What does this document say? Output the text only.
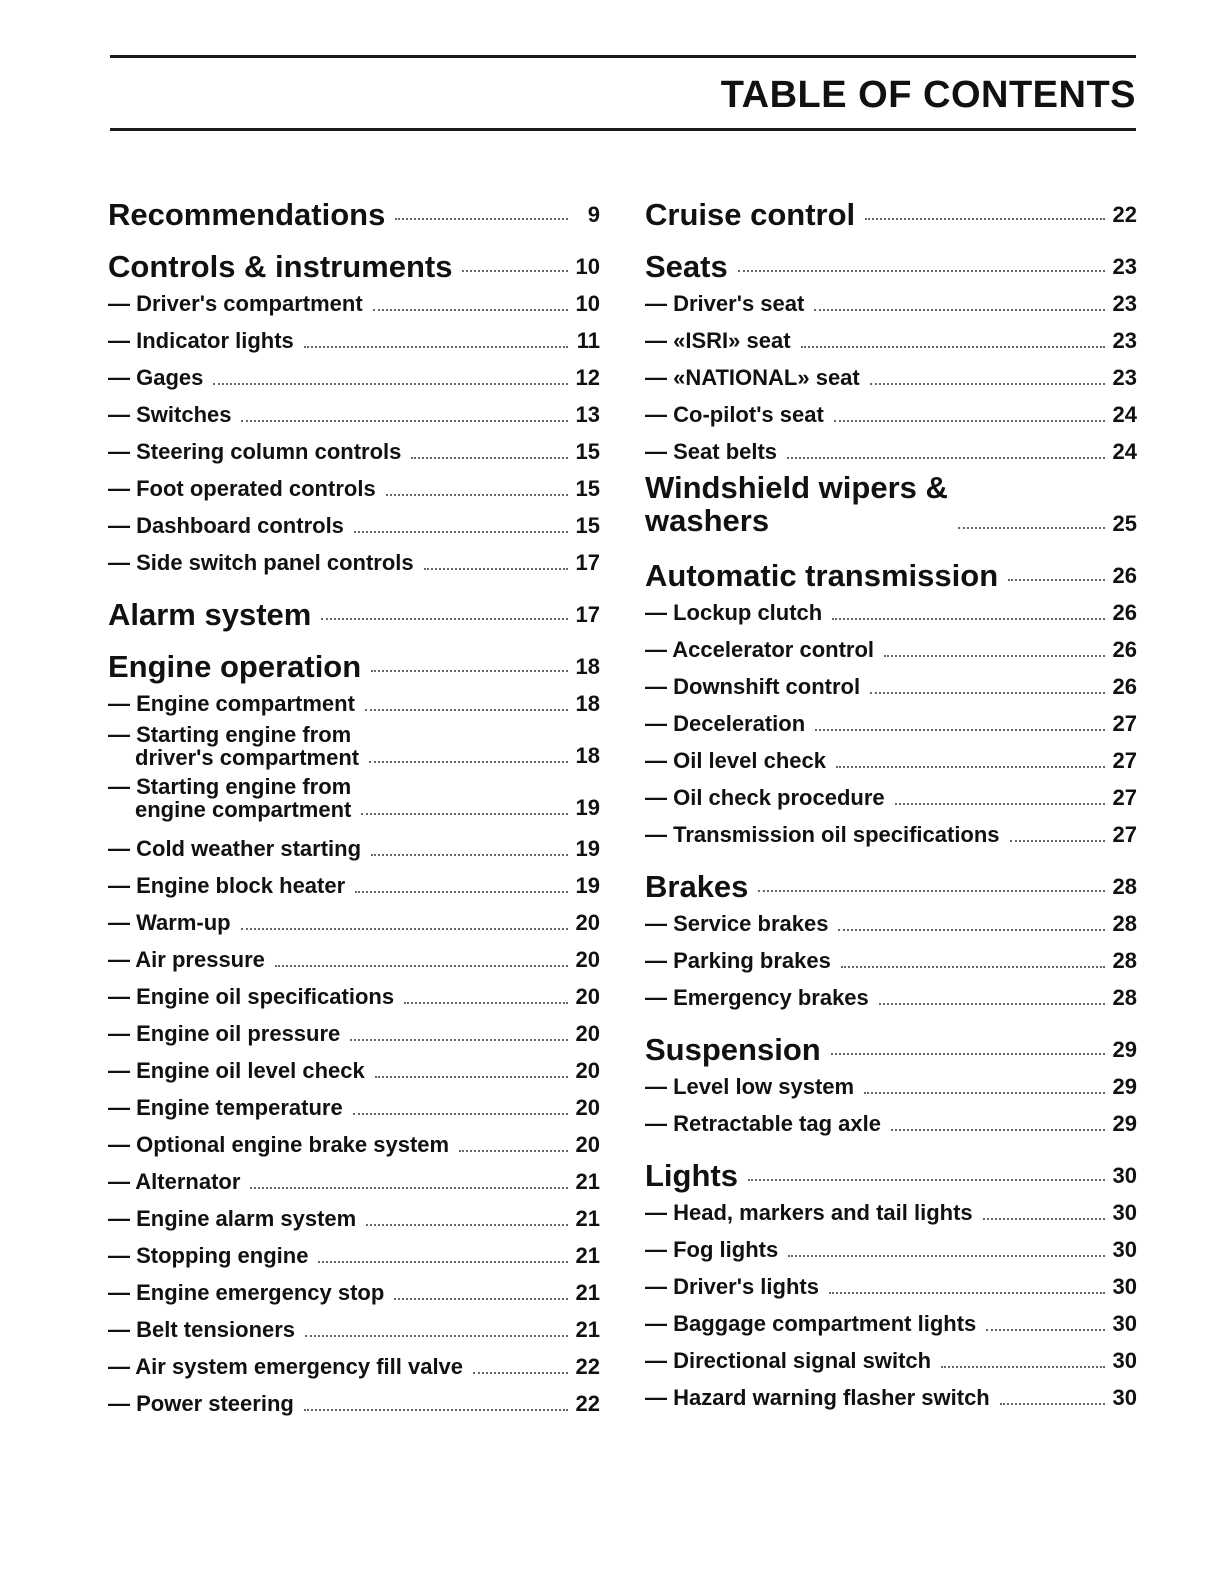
TABLE OF CONTENTS
Recommendations	9
Controls & instruments	10
— Driver's compartment	10
— Indicator lights	11
— Gages	12
— Switches	13
— Steering column controls	15
— Foot operated controls	15
— Dashboard controls	15
— Side switch panel controls	17
Alarm system	17
Engine operation	18
— Engine compartment	18
— Starting engine from
driver's compartment	18
— Starting engine from
engine compartment	19
— Cold weather starting	19
— Engine block heater	19
— Warm-up	20
— Air pressure	20
— Engine oil specifications	20
— Engine oil pressure	20
— Engine oil level check	20
— Engine temperature	20
— Optional engine brake system	20
— Alternator	21
— Engine alarm system	21
— Stopping engine	21
— Engine emergency stop	21
— Belt tensioners	21
— Air system emergency fill valve	22
— Power steering	22
Cruise control	22
Seats	23
— Driver's seat	23
— «ISRI» seat	23
— «NATIONAL» seat	23
— Co-pilot's seat	24
— Seat belts	24
Windshield wipers &
washers	25
Automatic transmission	26
— Lockup clutch	26
— Accelerator control	26
— Downshift control	26
— Deceleration	27
— Oil level check	27
— Oil check procedure	27
— Transmission oil specifications	27
Brakes	28
— Service brakes	28
— Parking brakes	28
— Emergency brakes	28
Suspension	29
— Level low system	29
— Retractable tag axle	29
Lights	30
— Head, markers and tail lights	30
— Fog lights	30
— Driver's lights	30
— Baggage compartment lights	30
— Directional signal switch	30
— Hazard warning flasher switch	30
